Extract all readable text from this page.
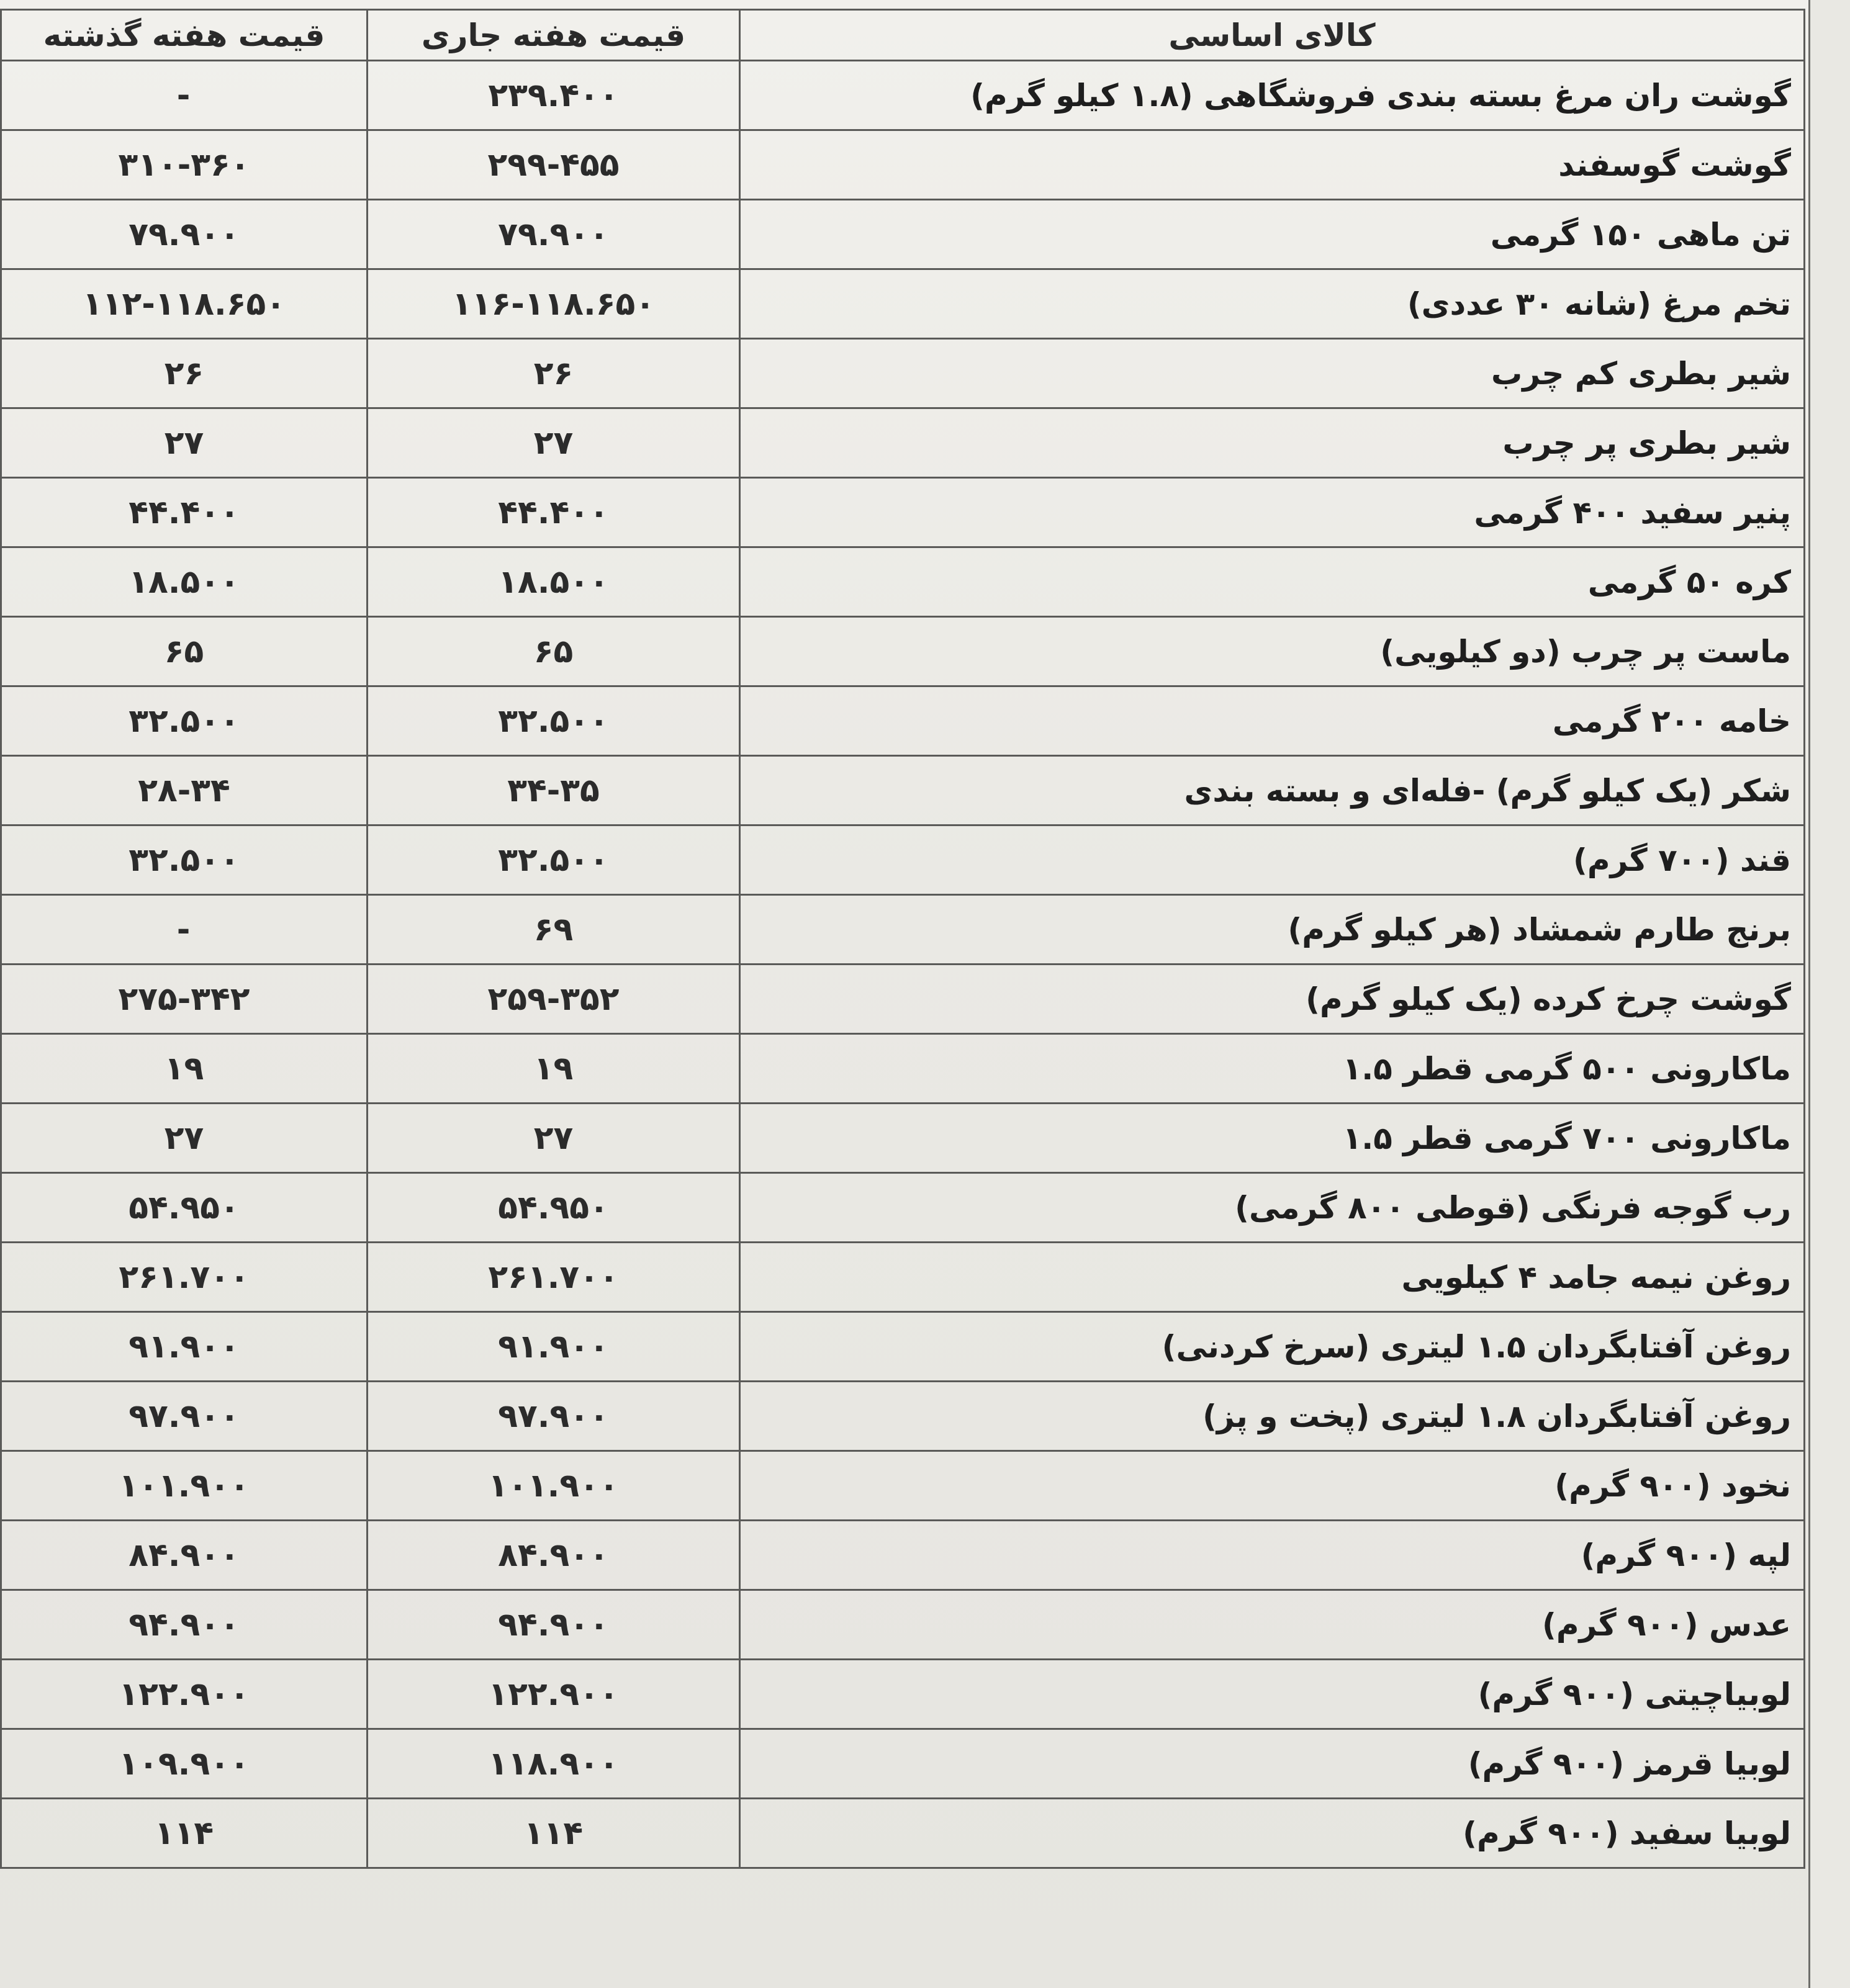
کالای اساسی	قیمت هفته جاری	قیمت هفته گذشته
گوشت ران مرغ بسته بندی فروشگاهی (۱.۸ کیلو گرم)	۲۳۹.۴۰۰	-
گوشت گوسفند	۲۹۹-۴۵۵	۳۱۰-۳۶۰
تن ماهی ۱۵۰ گرمی	۷۹.۹۰۰	۷۹.۹۰۰
تخم مرغ (شانه ۳۰ عددی)	۱۱۶-۱۱۸.۶۵۰	۱۱۲-۱۱۸.۶۵۰
شیر بطری کم چرب	۲۶	۲۶
شیر بطری پر چرب	۲۷	۲۷
پنیر سفید ۴۰۰ گرمی	۴۴.۴۰۰	۴۴.۴۰۰
کره ۵۰ گرمی	۱۸.۵۰۰	۱۸.۵۰۰
ماست پر چرب (دو کیلویی)	۶۵	۶۵
خامه ۲۰۰ گرمی	۳۲.۵۰۰	۳۲.۵۰۰
شکر (یک کیلو گرم) -فله‌ای و بسته بندی	۳۴-۳۵	۲۸-۳۴
قند (۷۰۰ گرم)	۳۲.۵۰۰	۳۲.۵۰۰
برنج طارم شمشاد (هر کیلو گرم)	۶۹	-
گوشت چرخ کرده (یک کیلو گرم)	۲۵۹-۳۵۲	۲۷۵-۳۴۲
ماکارونی ۵۰۰ گرمی قطر ۱.۵	۱۹	۱۹
ماکارونی ۷۰۰ گرمی قطر ۱.۵	۲۷	۲۷
رب گوجه فرنگی (قوطی ۸۰۰ گرمی)	۵۴.۹۵۰	۵۴.۹۵۰
روغن نیمه جامد ۴ کیلویی	۲۶۱.۷۰۰	۲۶۱.۷۰۰
روغن آفتابگردان ۱.۵ لیتری (سرخ کردنی)	۹۱.۹۰۰	۹۱.۹۰۰
روغن آفتابگردان ۱.۸ لیتری (پخت و پز)	۹۷.۹۰۰	۹۷.۹۰۰
نخود (۹۰۰ گرم)	۱۰۱.۹۰۰	۱۰۱.۹۰۰
لپه (۹۰۰ گرم)	۸۴.۹۰۰	۸۴.۹۰۰
عدس (۹۰۰ گرم)	۹۴.۹۰۰	۹۴.۹۰۰
لوبیاچیتی (۹۰۰ گرم)	۱۲۲.۹۰۰	۱۲۲.۹۰۰
لوبیا قرمز (۹۰۰ گرم)	۱۱۸.۹۰۰	۱۰۹.۹۰۰
لوبیا سفید (۹۰۰ گرم)	۱۱۴	۱۱۴
